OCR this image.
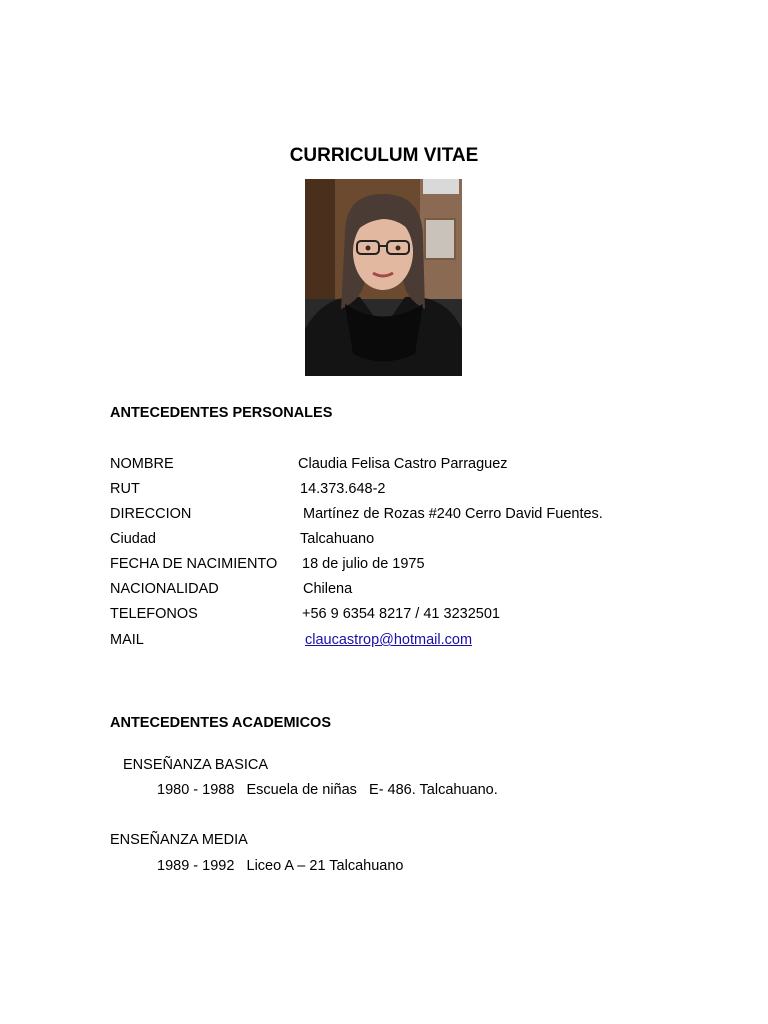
CURRICULUM VITAE
ANTECEDENTES PERSONALES
NOMBRE	Claudia Felisa Castro Parraguez
RUT	14.373.648-2
DIRECCION	Martínez de Rozas #240 Cerro David Fuentes.
Ciudad	Talcahuano
FECHA DE NACIMIENTO 18 de julio de 1975
NACIONALIDAD	Chilena
TELEFONOS	+56 9 6354 8217 / 41 3232501
MAIL	claucastrop@hotmail.com
ANTECEDENTES ACADEMICOS
ENSEÑANZA BASICA
1980 - 1988 Escuela de niñas   E- 486. Talcahuano.
ENSEÑANZA MEDIA
1989 - 1992 Liceo A – 21 Talcahuano
